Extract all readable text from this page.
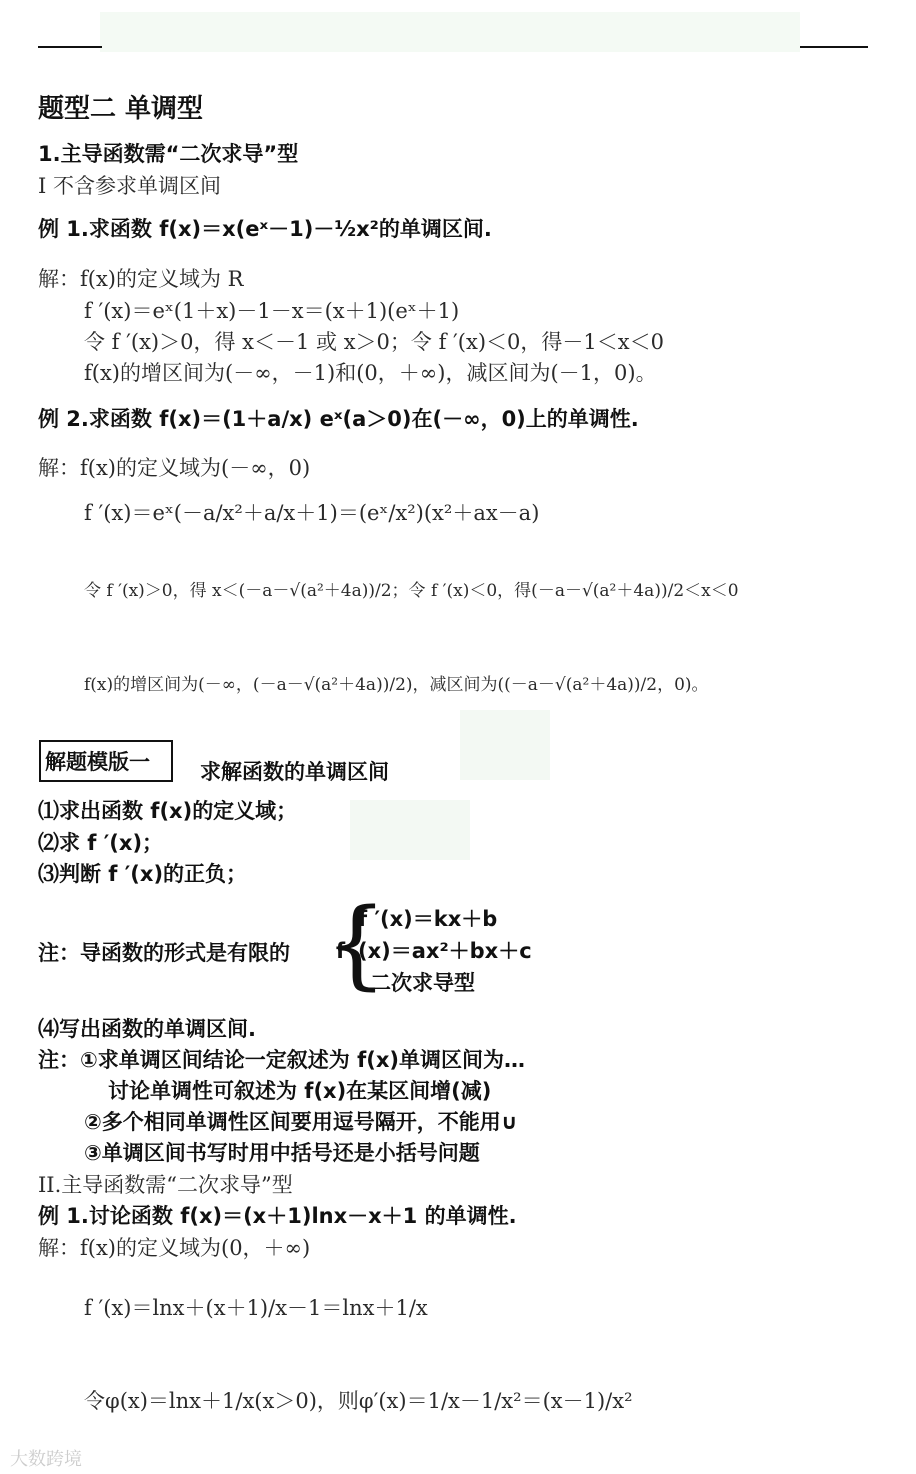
题型二 单调型
1.主导函数需“二次求导”型
I 不含参求单调区间
例 1.求函数 f(x)＝x(eˣ－1)－½x²的单调区间.
解：f(x)的定义域为 R
f ′(x)＝eˣ(1＋x)－1－x＝(x＋1)(eˣ＋1)
令 f ′(x)＞0，得 x＜－1 或 x＞0；令 f ′(x)＜0，得－1＜x＜0
f(x)的增区间为(－∞，－1)和(0，＋∞)，减区间为(－1，0)。
例 2.求函数 f(x)＝(1＋a/x) eˣ(a＞0)在(－∞，0)上的单调性.
解：f(x)的定义域为(－∞，0)
f ′(x)＝eˣ(－a/x²＋a/x＋1)＝(eˣ/x²)(x²＋ax－a)
令 f ′(x)＞0，得 x＜(－a－√(a²＋4a))/2；令 f ′(x)＜0，得(－a－√(a²＋4a))/2＜x＜0
f(x)的增区间为(－∞，(－a－√(a²＋4a))/2)，减区间为((－a－√(a²＋4a))/2，0)。
解题模版一 求解函数的单调区间
⑴求出函数 f(x)的定义域；
⑵求 f ′(x)；
⑶判断 f ′(x)的正负；
注：导函数的形式是有限的 {
f ′(x)＝kx＋b
f ′(x)＝ax²＋bx＋c
二次求导型
⑷写出函数的单调区间.
注：①求单调区间结论一定叙述为 f(x)单调区间为…
讨论单调性可叙述为 f(x)在某区间增(减)
②多个相同单调性区间要用逗号隔开，不能用∪
③单调区间书写时用中括号还是小括号问题
II.主导函数需“二次求导”型
例 1.讨论函数 f(x)＝(x＋1)lnx－x＋1 的单调性.
解：f(x)的定义域为(0，＋∞)
f ′(x)＝lnx＋(x＋1)/x－1＝lnx＋1/x
令φ(x)＝lnx＋1/x(x＞0)，则φ′(x)＝1/x－1/x²＝(x－1)/x²
大数跨境
